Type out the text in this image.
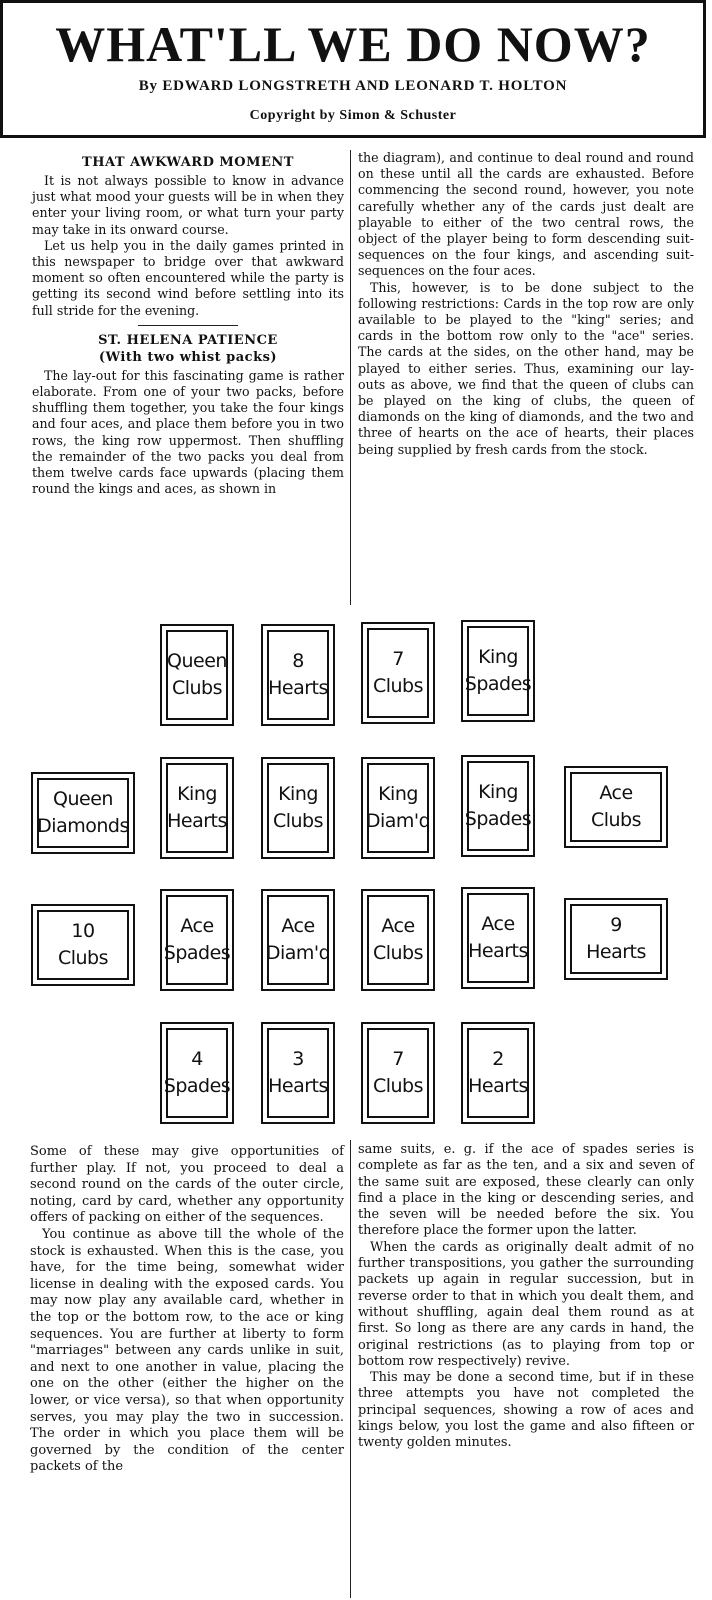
WHAT'LL WE DO NOW?
By EDWARD LONGSTRETH AND LEONARD T. HOLTON
Copyright by Simon & Schuster
THAT AWKWARD MOMENT

It is not always possible to know in advance just what mood your guests will be in when they enter your living room, or what turn your party may take in its onward course.

Let us help you in the daily games printed in this newspaper to bridge over that awkward moment so often encountered while the party is getting its second wind before settling into its full stride for the evening.

ST. HELENA PATIENCE
(With two whist packs)

The lay-out for this fascinating game is rather elaborate. From one of your two packs, before shuffling them together, you take the four kings and four aces, and place them before you in two rows, the king row uppermost. Then shuffling the remainder of the two packs you deal from them twelve cards face upwards (placing them round the kings and aces, as shown in

the diagram), and continue to deal round and round on these until all the cards are exhausted. Before commencing the second round, however, you note carefully whether any of the cards just dealt are playable to either of the two central rows, the object of the player being to form descending suit-sequences on the four kings, and ascending suit-sequences on the four aces.

This, however, is to be done subject to the following restrictions: Cards in the top row are only available to be played to the "king" series; and cards in the bottom row only to the "ace" series. The cards at the sides, on the other hand, may be played to either series. Thus, examining our lay-outs as above, we find that the queen of clubs can be played on the king of clubs, the queen of diamonds on the king of diamonds, and the two and three of hearts on the ace of hearts, their places being supplied by fresh cards from the stock.

Queen
Clubs
8
Hearts
7
Clubs
King
Spades
Queen
Diamonds
King
Hearts
King
Clubs
King
Diam'd
King
Spades
Ace
Clubs
10
Clubs
Ace
Spades
Ace
Diam'd
Ace
Clubs
Ace
Hearts
9
Hearts
4
Spades
3
Hearts
7
Clubs
2
Hearts

Some of these may give opportunities of further play. If not, you proceed to deal a second round on the cards of the outer circle, noting, card by card, whether any opportunity offers of packing on either of the sequences.

You continue as above till the whole of the stock is exhausted. When this is the case, you have, for the time being, somewhat wider license in dealing with the exposed cards. You may now play any available card, whether in the top or the bottom row, to the ace or king sequences. You are further at liberty to form "marriages" between any cards unlike in suit, and next to one another in value, placing the one on the other (either the higher on the lower, or vice versa), so that when opportunity serves, you may play the two in succession. The order in which you place them will be governed by the condition of the center packets of the

same suits, e. g. if the ace of spades series is complete as far as the ten, and a six and seven of the same suit are exposed, these clearly can only find a place in the king or descending series, and the seven will be needed before the six. You therefore place the former upon the latter.

When the cards as originally dealt admit of no further transpositions, you gather the surrounding packets up again in regular succession, but in reverse order to that in which you dealt them, and without shuffling, again deal them round as at first. So long as there are any cards in hand, the original restrictions (as to playing from top or bottom row respectively) revive.

This may be done a second time, but if in these three attempts you have not completed the principal sequences, showing a row of aces and kings below, you lost the game and also fifteen or twenty golden minutes.
